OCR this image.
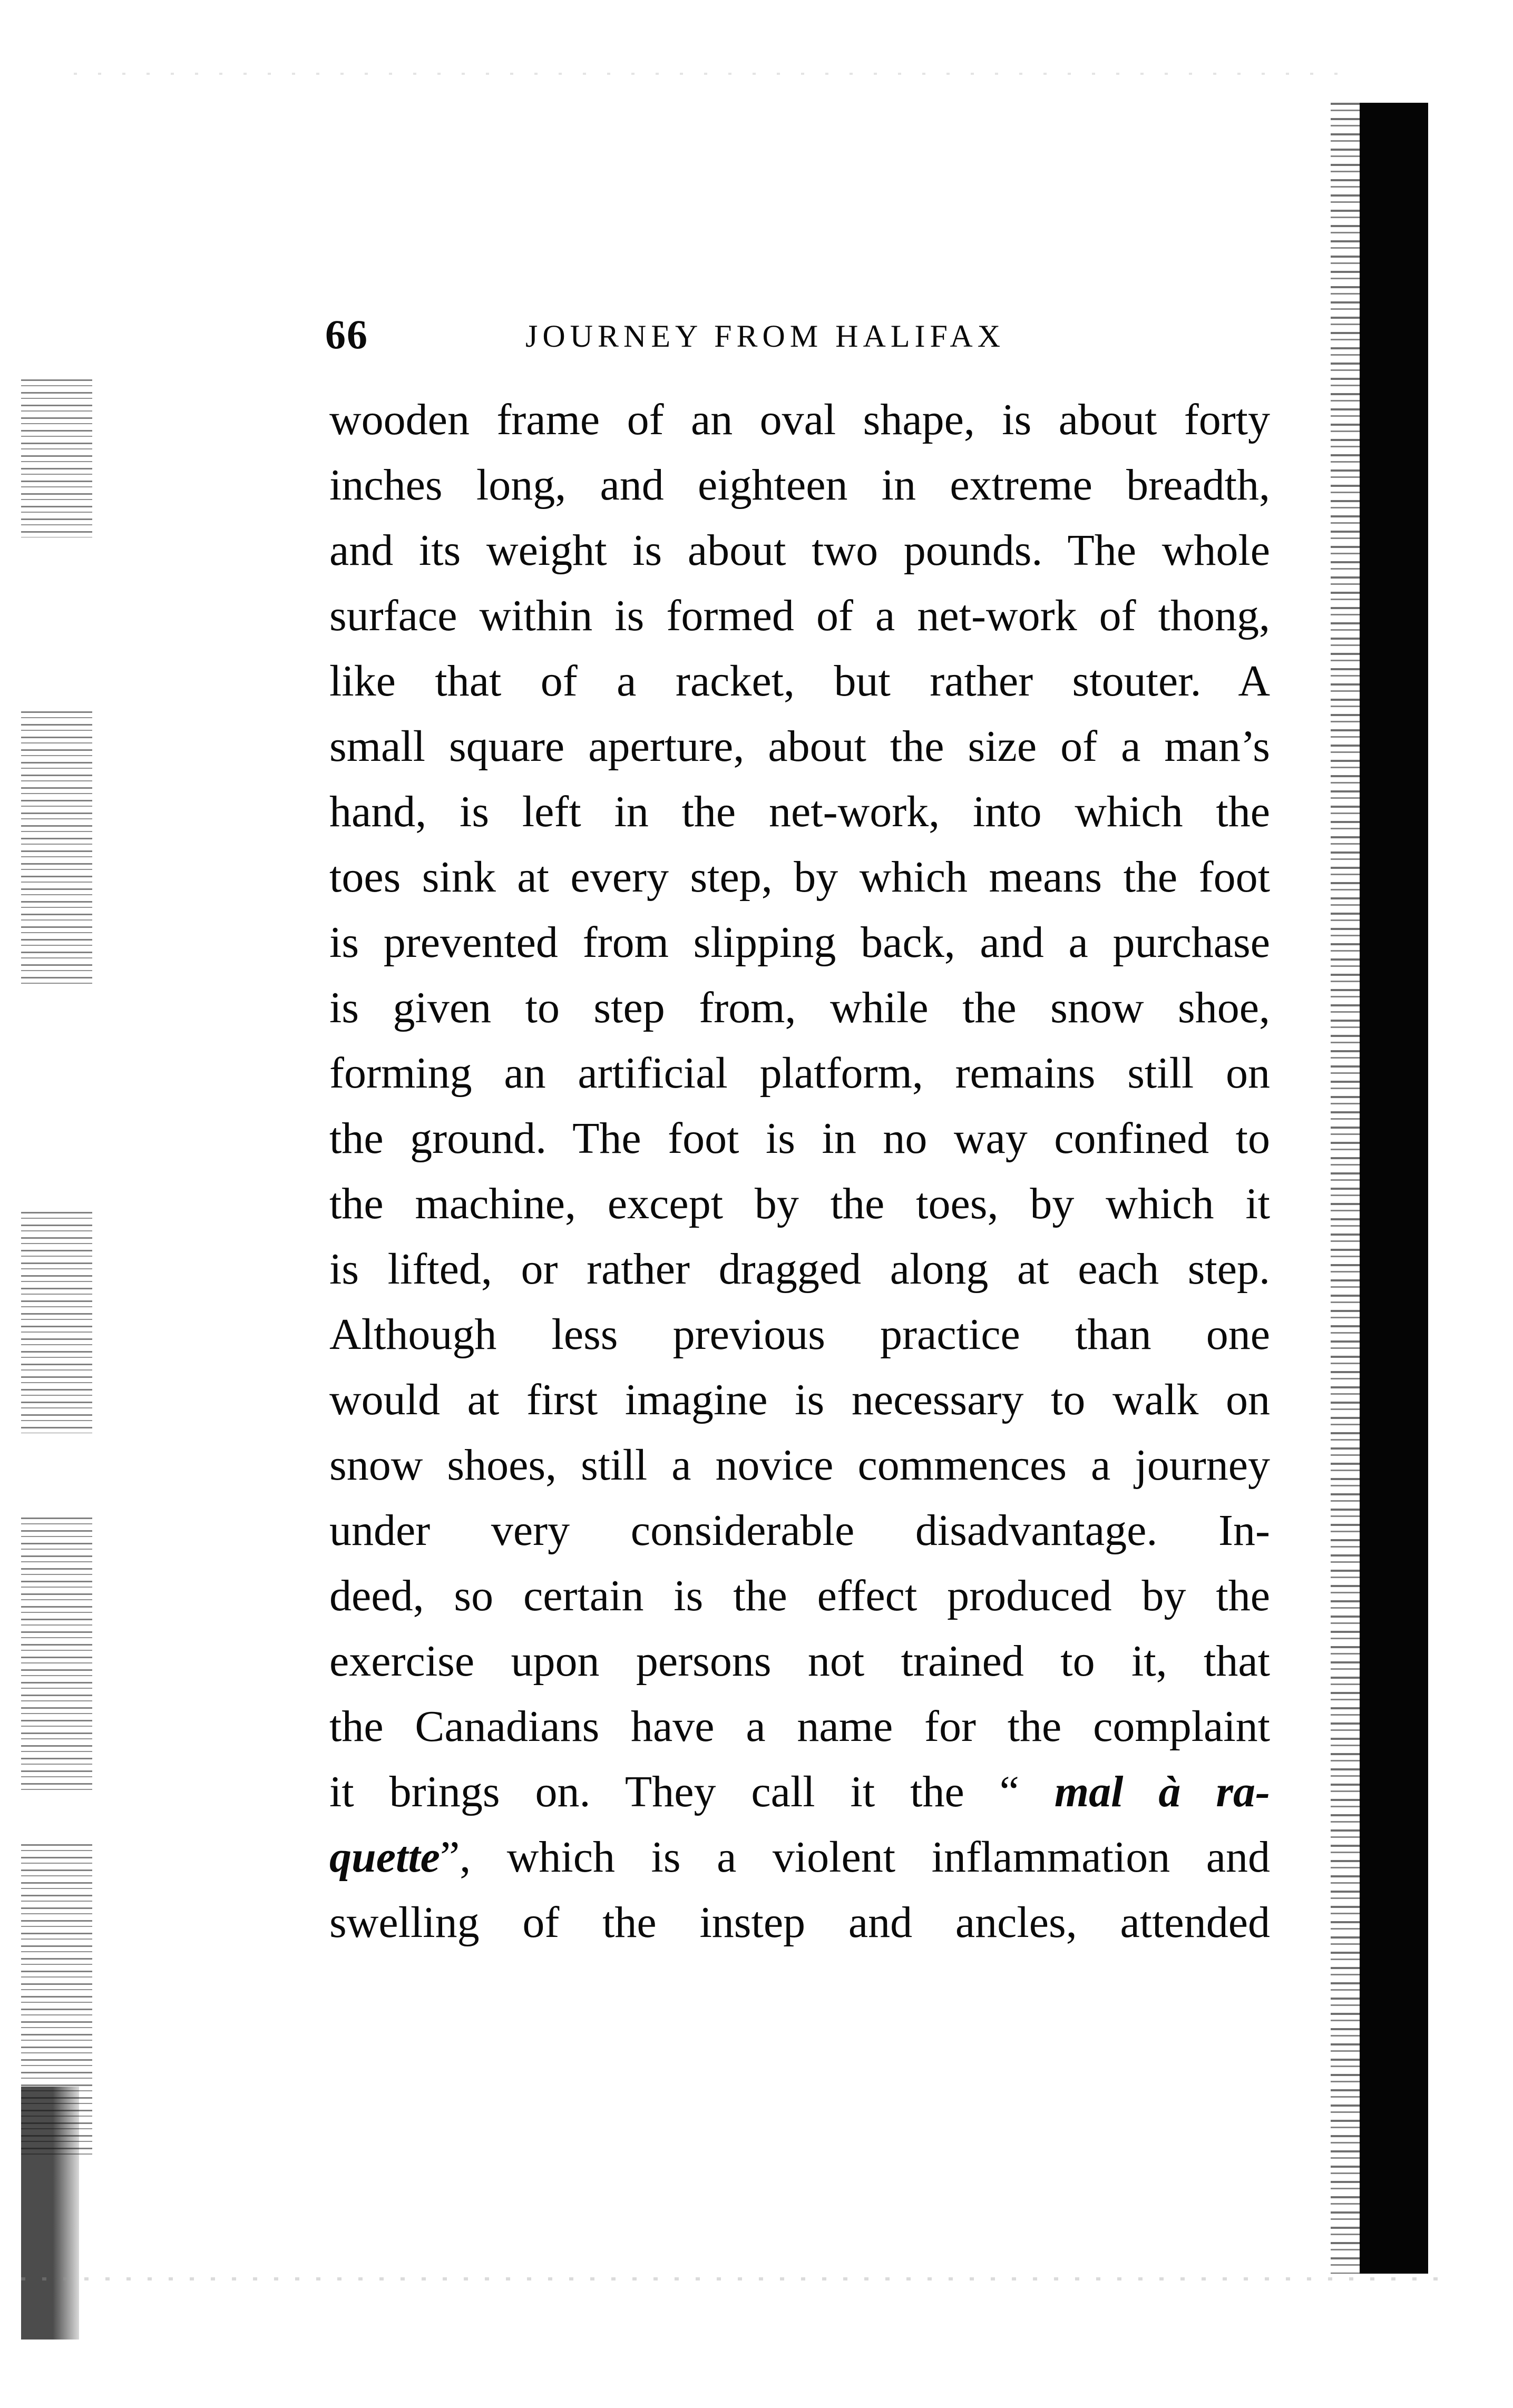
66	JOURNEY FROM HALIFAX
wooden frame of an oval shape, is about forty
inches long, and eighteen in extreme breadth,
and its weight is about two pounds. The whole
surface within is formed of a net-work of thong,
like that of a racket, but rather stouter. A
small square aperture, about the size of a man’s
hand, is left in the net-work, into which the
toes sink at every step, by which means the foot
is prevented from slipping back, and a purchase
is given to step from, while the snow shoe,
forming an artificial platform, remains still on
the ground. The foot is in no way confined to
the machine, except by the toes, by which it
is lifted, or rather dragged along at each step.
Although less previous practice than one
would at first imagine is necessary to walk on
snow shoes, still a novice commences a journey
under very considerable disadvantage. In-
deed, so certain is the effect produced by the
exercise upon persons not trained to it, that
the Canadians have a name for the complaint
it brings on. They call it the “ mal à ra-
quette”, which is a violent inflammation and
swelling of the instep and ancles, attended
